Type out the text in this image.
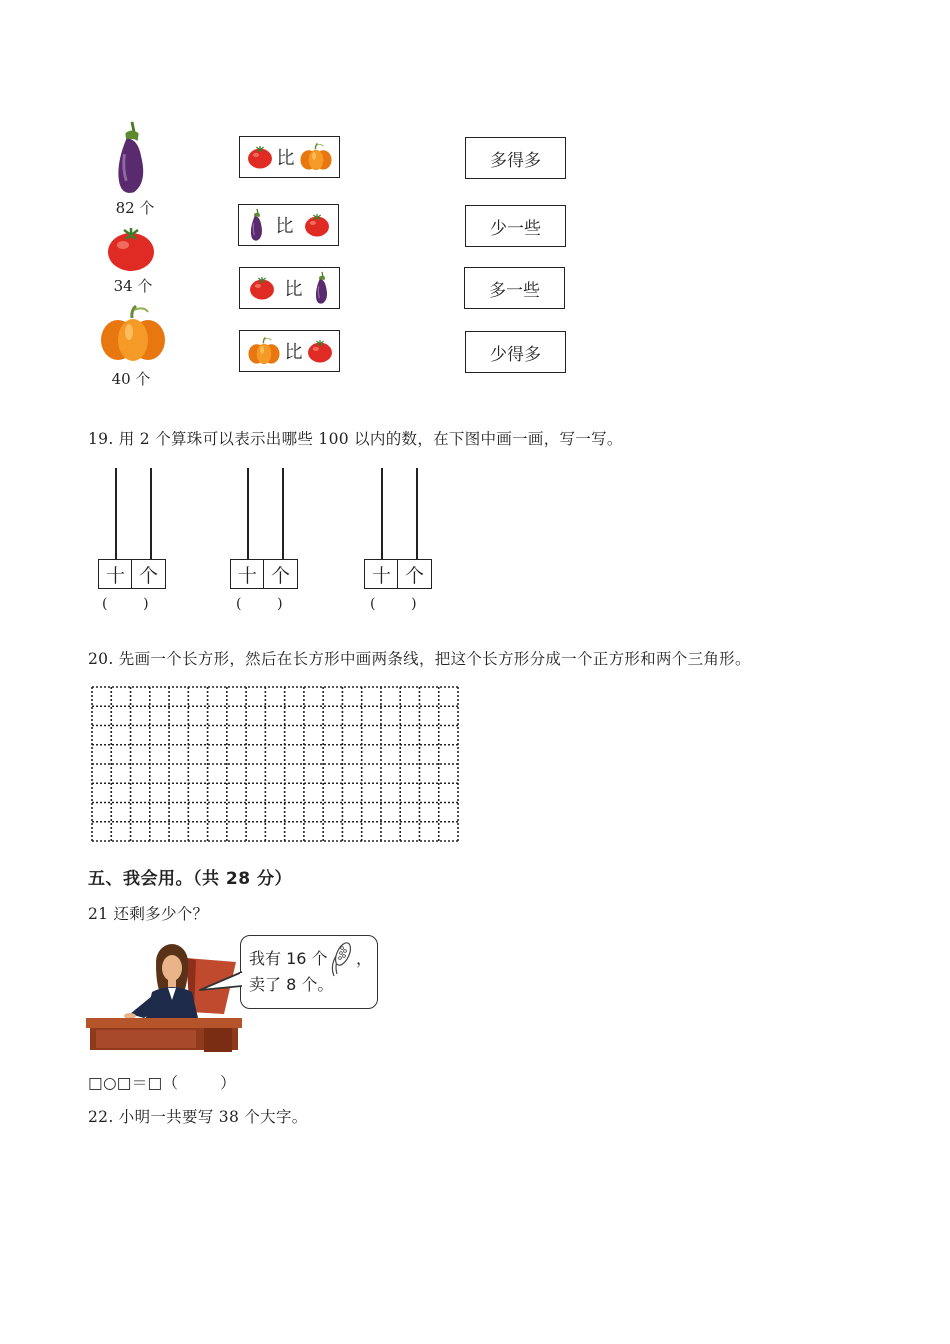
82 个
34 个
40 个
比
比
比
比
多得多
少一些
多一些
少得多
19. 用 2 个算珠可以表示出哪些 100 以内的数，在下图中画一画，写一写。
十 个
(        )
十 个
(        )
十 个
(        )
20. 先画一个长方形，然后在长方形中画两条线，把这个长方形分成一个正方形和两个三角形。
五、我会用。（共 28 分）
21 还剩多少个？
我有 16 个 ，
卖了 8 个。
□○□＝□（        ）
22. 小明一共要写 38 个大字。
